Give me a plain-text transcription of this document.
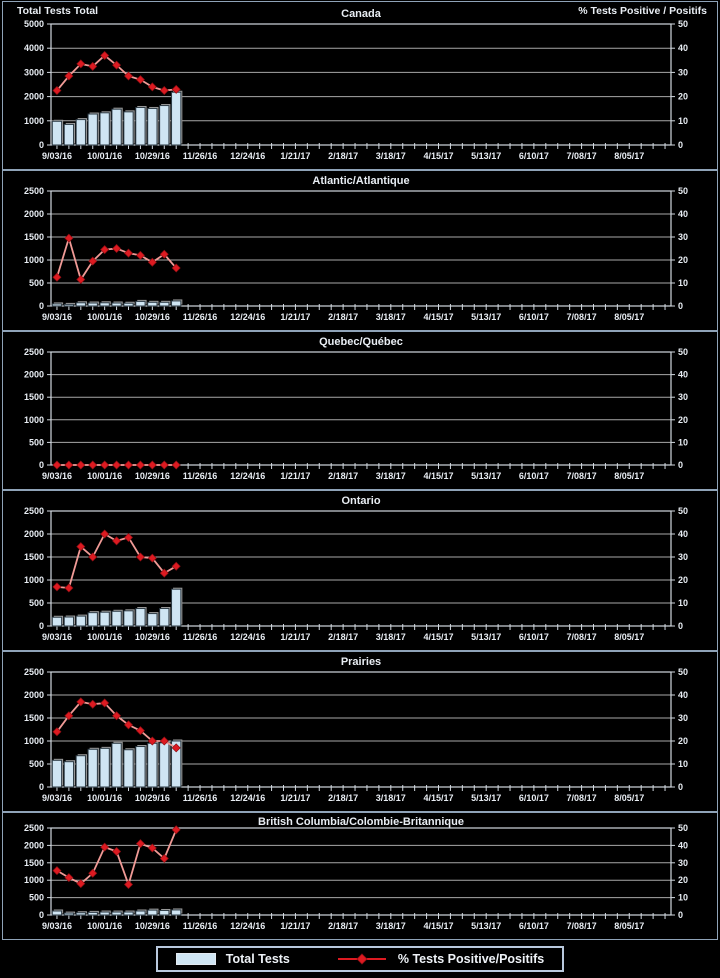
Total Tests Total	% Tests Positive / Positifs
0	0
1000	10
2000	20
3000	30
4000	40
5000	50
9/03/16 10/01/16 10/29/16 11/26/16 12/24/16 1/21/17 2/18/17 3/18/17 4/15/17 5/13/17 6/10/17 7/08/17 8/05/17
Canada
0	0
500	10
1000	20
1500	30
2000	40
2500	50
9/03/16 10/01/16 10/29/16 11/26/16 12/24/16 1/21/17 2/18/17 3/18/17 4/15/17 5/13/17 6/10/17 7/08/17 8/05/17
Atlantic/Atlantique
0	0
500	10
1000	20
1500	30
2000	40
2500	50
9/03/16 10/01/16 10/29/16 11/26/16 12/24/16 1/21/17 2/18/17 3/18/17 4/15/17 5/13/17 6/10/17 7/08/17 8/05/17
Quebec/Québec
0	0
500	10
1000	20
1500	30
2000	40
2500	50
9/03/16 10/01/16 10/29/16 11/26/16 12/24/16 1/21/17 2/18/17 3/18/17 4/15/17 5/13/17 6/10/17 7/08/17 8/05/17
Ontario
0	0
500	10
1000	20
1500	30
2000	40
2500	50
9/03/16 10/01/16 10/29/16 11/26/16 12/24/16 1/21/17 2/18/17 3/18/17 4/15/17 5/13/17 6/10/17 7/08/17 8/05/17
Prairies
0	0
500	10
1000	20
1500	30
2000	40
2500	50
9/03/16 10/01/16 10/29/16 11/26/16 12/24/16 1/21/17 2/18/17 3/18/17 4/15/17 5/13/17 6/10/17 7/08/17 8/05/17
British Columbia/Colombie-Britannique
Total Tests	% Tests Positive/Positifs
